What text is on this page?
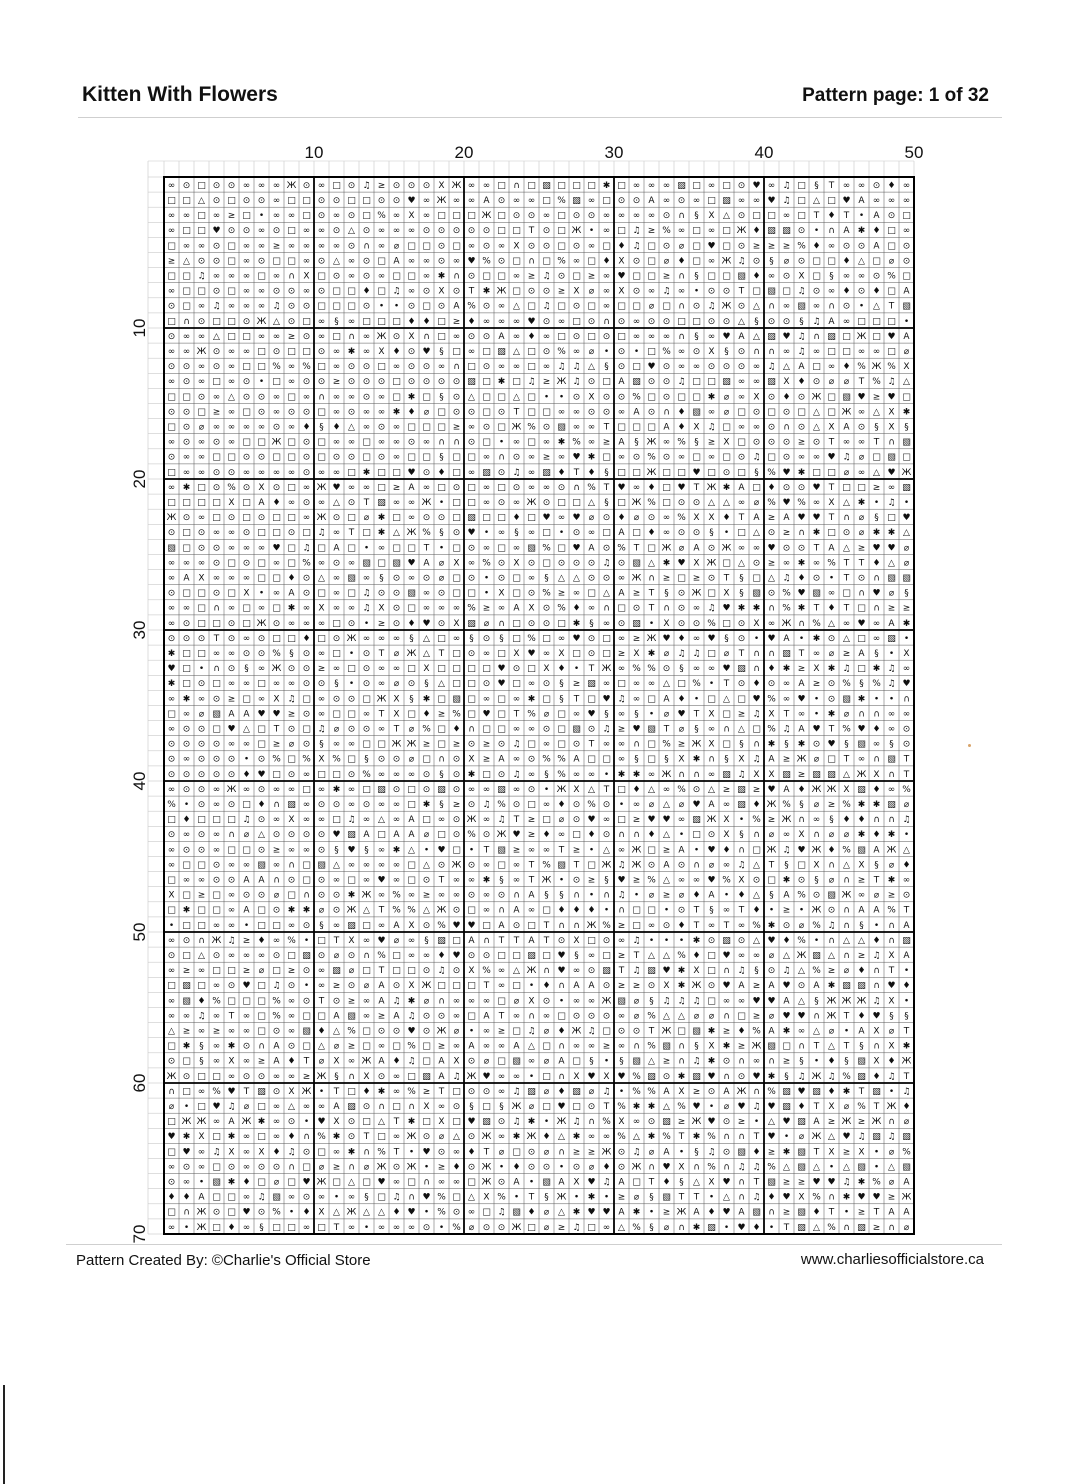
Kitten With Flowers	Pattern page: 1 of 32
∞ ⊙ □ ⊙ ⊙ ∞ ∞ ∞ Ж ⊙ ∞ □ ⊙ ♫ ≥ ⊙ ⊙ ⊙ X Ж ∞ ∞ □ ∩ □ ▧ □ □ □ ✱ □ ∞ ∞ ∞ ▧ □ ∞ □ ⊙ ♥ ∞ ♫ □ § T ∞ ∞ ⊙ ♦ ∞
□ □ △ ⊙ □ ⊙ ⊙ ∞ □ □ ⊙ ⊙ □ □ ⊙ ⊙ ♥ ∞ Ж ∞ ∞ A ⊙ ∞ ∞ □ % ▧ ∞ □ ⊙ ⊙ A ∞ ⊙ ∞ □ ▧ ∞ ∞ ♥ ♫ □ △ □ ♥ A ∞ ∞ ∞
∞ ∞ □ ∞ ≥ □ • ∞ ∞ □ ⊙ ∞ ⊙ □ % ∞ X ∞ □ □ □ Ж □ ⊙ ⊙ ∞ □ ⊙ ⊙ ∞ ∞ ∞ ∞ ⊙ ∩ § X △ ⊙ □ □ ∞ □ T ♦ T • A ⊙ □
∞ □ □ ♥ ⊙ ⊙ ∞ ⊙ □ ∞ ∞ ⊙ △ ⊙ ∞ ∞ ∞ ⊙ ⊙ ⊙ ⊙ ⊙ □ □ T ⊙ □ Ж • ∞ □ ♫ ≥ % ∞ □ ∞ □ Ж ♦ ▧ ▧ ⊙ • ∩ A ✱ ♦ □ ∞
□ ∞ ∞ ⊙ □ ∞ ∞ ≥ ∞ ∞ ∞ ∞ ⊙ ∩ ∞ ⌀ □ □ ⊙ □ ∞ ⊙ ∞ X ⊙ ⊙ □ ⊙ ∞ □ ♦ ♫ □ ⊙ ⌀ □ ♥ □ ⊙ ≥ ≥ ≥ % ♦ ∞ ⊙ ⊙ A □ ⊙
≥ △ ⊙ ⊙ □ ∞ ⊙ □ □ ∞ ⊙ △ ∞ ⊙ □ A ∞ ∞ ⊙ ∞ ♥ % ⊙ □ ∩ □ % ∞ □ ♦ X ⊙ □ ⌀ ♦ □ ∞ Ж ♫ ⊙ § ⌀ ⊙ □ □ ♦ △ □ ⌀ ⊙
□ □ ♫ ∞ ∞ ∞ □ ∞ ∩ X □ ⊙ ∞ ⊙ ∞ □ □ ∞ ✱ ∩ ⊙ □ □ ∞ ≥ ♫ ⊙ □ ≥ ∞ ♥ □ □ ≥ ∩ § □ □ ▧ ♦ ∞ ⊙ X □ § ∞ ∞ ⊙ % □
∞ □ □ ⊙ □ ∞ ∞ ⊙ ⊙ ∞ ⊙ □ □ ♦ □ ♫ ∞ ⊙ X ⊙ T ✱ Ж □ ⊙ ⊙ ≥ X ⌀ ∞ X ⊙ ∞ ♫ ∞ • ⊙ ⊙ T □ ▧ □ ♫ ⊙ ∞ ♦ ⊙ ♦ □ A
⊙ □ ∞ ♫ ∞ ∞ ∞ ♫ ⊙ ⊙ □ □ □ ⊙ • • ⊙ □ ⊙ A % ⊙ ∞ △ □ ♫ □ ⊙ □ ∞ □ □ ⌀ □ ∩ ⊙ ♫ Ж ⊙ △ ∩ ∞ ▧ ∞ ∩ ⊙ • △ T ▧
□ ∩ ⊙ □ □ ⊙ Ж △ ⊙ □ ∞ § ∞ □ □ □ ♦ ♦ □ ≥ ♦ ∞ ∞ ∞ ♥ ⊙ ∞ □ ⊙ ∩ ⊙ ∞ ⊙ ⊙ □ □ ⊙ ⊙ △ § ⊙ ⊙ § ♫ A ∞ □ □ □ •
⊙ ∞ ∞ △ □ □ ∞ ∞ ≥ ⊙ ∞ □ ∩ ∞ Ж ⊙ X ∩ □ ∞ ⊙ ⊙ A ∞ ♦ ∞ □ ⊙ □ ⊙ □ ∞ ∞ ∞ ∩ § ∞ ♥ A △ ▧ ♥ ♫ ∩ ▧ □ Ж □ ♥ A
∞ ∞ Ж ⊙ ∞ ∞ □ ⊙ □ □ ⊙ ∞ ✱ ∞ X ♦ ⊙ ♥ § □ ∞ □ ▧ △ □ ⊙ % ∞ ⌀ • ⊙ • □ % ∞ ⊙ X § ⊙ ∩ ∩ ∞ ♫ ∞ □ □ ∞ ∞ □ ⌀
⊙ ⊙ ∞ ⊙ ∞ □ □ % ∞ % □ ∞ ⊙ ⊙ □ ∞ ⊙ ⊙ ∞ ∩ □ ⊙ ∞ ∞ □ ∞ ♫ ♫ △ § ⊙ □ ♥ ⊙ ∞ ∞ ⊙ ⊙ ⊙ ∞ ♫ △ A □ ∞ ♦ % Ж % X
∞ ⊙ ∞ □ ∞ ⊙ • □ ∞ ⊙ ⊙ ≥ ⊙ ⊙ ⊙ □ ⊙ ⊙ ⊙ ⊙ ▧ □ ✱ □ ♫ ≥ Ж ♫ ⊙ □ A ▧ ⊙ ⊙ ♫ □ □ ▧ ∞ ∞ ▧ X ♦ ⊙ ⌀ ⌀ T % ♫ △
□ □ ⊙ ∞ △ ⊙ ⊙ ∞ □ ∞ ∩ ∞ ∞ ⊙ ∞ □ ✱ □ § ⊙ △ □ □ △ □ • • ⊙ X ⊙ ⊙ % □ ⊙ □ □ ✱ ⌀ ∞ X ⊙ ♦ ⊙ Ж □ ▧ ♥ ≥ ♥ □
⊙ ⊙ □ ≥ ∞ □ ⊙ ∞ ⊙ ⊙ □ ∞ ⊙ ∞ ∞ ✱ ♦ ⌀ □ ⊙ ⊙ □ ⊙ T □ □ ∞ ∞ ⊙ ⊙ ∞ A ⊙ ∩ ♦ ▧ ∞ ⌀ □ ⊙ □ ⊙ □ △ □ Ж ∞ △ X ✱
□ ⊙ ⌀ ∞ ∞ ∞ ∞ ⊙ ∞ ♦ § ♦ △ ∞ ⊙ ∞ □ □ □ ≥ ∞ ⊙ □ Ж % ⊙ ▧ ∞ ∞ T □ □ □ A ♦ X ♫ □ ∞ ∞ ⊙ ∩ ⊙ △ X A ⊙ § X §
∞ ⊙ ∞ ⊙ ∞ □ □ Ж □ ⊙ □ ∞ ∞ □ ∞ ∞ ⊙ ∞ ∩ ∩ ⊙ □ • ∞ □ ∞ ✱ % ∞ ≥ A § Ж ∞ % § ≥ X □ ⊙ ⊙ ⊙ ≥ ⊙ T ∞ ∞ T ∩ ▧
⊙ ∞ ∞ □ □ ⊙ ⊙ □ □ ⊙ □ ⊙ ⊙ □ ⊙ ∞ □ □ § □ □ ∞ ∩ ⊙ ∞ ≥ ∞ ♥ ✱ □ ∞ ⊙ % ⊙ ∞ □ ∞ □ ⊙ ♫ □ ⊙ ∞ ∞ ♥ ♫ ⌀ □ ▧ □
□ ∞ ∞ ⊙ ⊙ ∞ ∞ ∞ ∞ ⊙ ∞ ∞ □ ✱ □ □ ♥ ⊙ ♦ □ ∞ ▧ ⊙ ♫ ∞ ▧ ♦ T ♦ § □ □ Ж □ □ ♥ □ ⊙ □ § % ♥ ✱ □ □ ⌀ ∞ △ ♥ Ж
∞ ✱ □ ⊙ % ⊙ X ⊙ □ ∞ Ж ♥ ∞ ∞ □ ≥ A ∞ □ ⊙ □ ∞ □ ⊙ ∞ ∞ ⊙ ∩ % T ♥ ∞ ♦ □ ♥ T Ж ✱ A □ ♦ ⊙ ⊙ ♥ T □ □ ≥ ∞ ▧
□ □ □ □ X □ A ♦ ∞ ⊙ ∞ △ ⊙ T ▧ ∞ ∞ Ж • □ □ ∞ ⊙ ∞ Ж ⊙ □ □ △ § □ Ж % □ ⊙ ⊙ △ △ ∞ ⌀ % ♥ % ∞ X △ ✱ • ♫ •
Ж ⊙ ∞ □ ⊙ □ ⊙ □ □ ∞ Ж ⊙ □ ⌀ ✱ □ ∞ ⊙ ⊙ □ ▧ □ □ ♦ □ ♥ ∞ ♥ ⌀ ⊙ ♦ ⌀ ⊙ ∞ % X X ♦ T A ≥ A ♥ ♥ T ∩ ⌀ § □ ♥
⊙ □ ⊙ ∞ ∞ ⊙ □ □ ⊙ □ ♫ ∞ T □ ✱ △ Ж % § ⊙ ♥ • ∞ § ∞ □ • ⊙ ∞ □ A □ ♦ ∞ ⊙ ⊙ § • □ △ ⊙ ≥ ∩ ✱ □ ⊙ ⌀ ✱ ✱ △
▧ □ ⊙ ⊙ ∞ ∞ ∞ ♥ □ ♫ □ A □ • ∞ □ □ T • □ ⊙ ∞ □ ∞ ▧ % □ ♥ A ⊙ % T □ Ж ⌀ A ⊙ Ж ∞ ∞ ♥ ⊙ ⊙ T A △ ≥ ♥ ♥ ⌀
∞ ∞ ∞ ⊙ □ ⊙ □ ∞ □ % ∞ ⊙ ∞ ▧ □ ▧ ♥ A ⌀ X ∞ % ⊙ X ⊙ □ ⊙ ⊙ ⊙ ♫ ⊙ ▧ △ ✱ ♥ X Ж □ △ ⊙ ≥ ∞ ✱ ∞ % T T ♦ △ ⌀
∞ A X ∞ ∞ ∞ □ □ ♦ ⊙ △ ∞ ▧ ∞ § ⊙ ∞ ⊙ ⌀ □ ⊙ • ⊙ □ ∞ § △ △ ⊙ ⊙ ∞ Ж ∩ ≥ □ ≥ ⊙ T § □ △ ♫ ♦ ⊙ • T ⊙ ∩ ▧ ▧
⊙ □ □ ⊙ □ X • ∞ A ⊙ □ ∞ □ ♫ ⊙ ⊙ ▧ ∞ ⊙ □ □ • X □ ⊙ % ≥ ∞ □ △ A ≥ T § ⊙ Ж □ X § ▧ ⊙ % ♥ ▧ ∞ □ ∩ ♥ ⌀ §
∞ ∞ □ ∩ ∞ □ ∞ □ ✱ ∞ X ∞ ∞ ♫ X ⊙ □ ∞ ∞ ∞ % ≥ ∞ A X ⊙ % ♦ ∞ ∩ □ ⊙ T ∩ ⊙ ∞ ♫ ♥ ✱ ✱ ∩ % ✱ T ♦ T □ ∩ ≥ ≥
∞ ⊙ □ □ ⊙ □ Ж ⊙ ∞ ∞ ∞ □ ⊙ • ≥ ⊙ ♦ ♥ ⊙ X ▧ ⌀ ∩ □ ⊙ ⊙ □ ✱ § ∞ ⊙ ▧ • X ⊙ ⊙ % □ ⊙ X ∞ Ж ∩ % △ ∞ ♥ ∞ A ✱
⊙ ⊙ ⊙ T ⊙ ∞ ⊙ □ □ ♦ □ ⊙ Ж ∞ ∞ ∞ § △ □ ∞ § ⊙ § □ % □ ∞ ♥ ⊙ □ ∞ ≥ Ж ♥ ♦ ∞ ♥ § ⊙ • ♥ A • ✱ ⊙ △ □ ∞ ▧ •
✱ □ □ ∞ ∞ ⊙ ⊙ % § ⊙ ∞ □ • ⊙ T ⌀ Ж △ T □ ⊙ ∞ □ X ♥ ∞ X □ ⊙ □ ≥ X ✱ ⌀ ♫ ♫ □ ⌀ T ∩ ∩ ▧ T ∞ ⌀ ≥ A § • X
♥ □ • ∩ ⊙ § ∞ Ж ⊙ ⊙ ≥ ∞ □ ⊙ ∞ ∞ □ X □ □ □ □ ♥ ⊙ □ X ♦ • T Ж ∞ % % ⊙ § ∞ ∞ ♥ ▧ ∩ ♦ ✱ ≥ X ✱ ♫ □ ✱ ♫ ∞
✱ □ ⊙ □ ∞ ∞ □ ∞ ∞ ⊙ ⊙ § • ⊙ ∞ ⌀ ⊙ § △ □ □ ⊙ ♥ □ ∞ ⊙ § ≥ ▧ ∞ □ ∞ ∞ △ □ % • T ⊙ ♦ ⊙ ∞ A ≥ ⊙ % § % ♫ ♥
∞ ✱ ∞ ⊙ ≥ □ ∞ X ♫ □ ∞ ⊙ ⊙ □ Ж X § ✱ □ ▧ □ ∞ □ ∞ ✱ □ § T □ ♥ ♫ ∞ □ A ♦ • □ △ □ ♥ % ∞ ♥ • ⊙ ▧ ✱ • • ∩
□ ∞ ⌀ ▧ A A ♥ ♥ ≥ ⊙ ∞ □ □ ∞ T X □ ♦ ≥ % □ ♥ □ T % ⌀ □ ∞ ♥ § ∞ § • ⌀ ♥ T X □ ≥ ♫ X T ∞ • ✱ ⌀ ∩ ∩ ∞ ∞
∞ ⊙ ⊙ □ ♥ △ □ T ⊙ □ ♫ ⌀ ⊙ ⊙ ∞ T ⌀ % □ ♦ ∩ □ □ ∞ ∞ ⊙ □ ▧ ⊙ ♫ ≥ ♥ ▧ T ⌀ § ∞ ∩ △ □ % ♫ A ♥ T % ♥ ♦ ∞ ⊙
⊙ ⊙ ⊙ ⊙ ∞ ∞ □ ≥ ⌀ ⊙ § ∞ ∞ □ □ Ж Ж ≥ □ ≥ ⊙ ≥ ⊙ ♫ □ ∞ □ ⊙ T ∞ ∞ ∩ □ % ≥ Ж X □ § ∩ ✱ § ✱ ⊙ ♥ § ▧ ∞ § ⊙
⊙ ∞ ⊙ ⊙ ⊙ • ⊙ % □ % X % □ § ⊙ ⊙ ⌀ □ ∩ ⊙ X ≥ A ∞ ⊙ % % A □ □ ∞ § □ § X ✱ ∩ § X ♫ A ≥ Ж ⌀ □ T ∞ ∩ ▧ T
⊙ ⊙ ⊙ ⊙ ⊙ ♦ ♥ □ ⊙ ∞ □ □ ⊙ % ∞ ∞ ∞ ⊙ § ⊙ ✱ □ ⊙ ♫ ∞ § % ∞ ∞ • ✱ ✱ ∞ Ж ∩ ∩ ∞ ▧ ♫ X X ▧ ≥ ▧ ▧ △ Ж X ∩ T
∞ ⊙ ⊙ ∞ Ж ∞ ⊙ ∞ ∞ □ ∞ ✱ ∞ □ ▧ ⊙ □ ⊙ ▧ ⊙ ∞ ∞ ▧ ∞ ⊙ • Ж X △ T □ ♦ △ ∞ % ⊙ △ ≥ ▧ ≥ ♥ A ♦ Ж Ж X ▧ ♦ ∞ %
% • ⊙ ∞ ⊙ □ ♦ ∩ ▧ ∞ ⊙ ⊙ ∞ ⊙ ∞ ∞ □ ✱ § ≥ ⊙ ♫ % ⊙ □ ∞ ♦ ⊙ % ⊙ • ∞ ⌀ △ ⌀ ♥ A ∞ ▧ ♦ Ж % § ⌀ ≥ % ✱ ✱ ▧ ⌀
□ ♦ □ □ □ ♫ ⊙ ∞ X ∞ ∞ □ ♫ ∞ △ ∞ A □ ∞ ⊙ Ж ∞ ♫ T ≥ □ ⌀ ⊙ ♥ ∞ □ ≥ ♥ ♥ ∞ ▧ Ж X • % ≥ Ж ∩ ∞ § ♦ ♦ ∩ ∩ ♫
⊙ ∞ ⊙ ∞ ∩ ⌀ △ ⊙ ⊙ ⊙ ⊙ ♥ ▧ A □ A A ⌀ □ ⊙ % ⊙ Ж ♥ ≥ ♦ ∞ □ ♦ ⊙ ∩ ∩ ♦ △ • □ ⊙ X § ∩ ⌀ ∞ X ∩ ⌀ ⌀ ✱ ♦ ✱ •
∞ ⊙ ⊙ ∞ □ □ ⊙ ≥ ∞ ∞ ⊙ § ♥ § ∞ ✱ △ • ♥ □ • T ▧ ≥ ∞ ∞ T ≥ • △ ∞ Ж □ ≥ A • ♥ ♦ ∩ □ Ж ♫ ♥ Ж ♦ % ▧ A Ж △
∞ □ □ ⊙ ∞ ∞ ▧ ∞ ∩ □ ▧ △ ∞ ∞ ∞ ∞ □ △ ⊙ Ж ⊙ ∞ □ ∞ T % ▧ T □ Ж ♫ Ж ⊙ A ⊙ ∩ ⌀ ∞ ♫ △ T § □ X ∩ △ X § ⌀ ♦
□ ∞ ∞ ⊙ ⊙ A A ∩ ⊙ □ ⊙ ∞ □ ∞ ♥ ∞ □ ⊙ T ∞ ∞ ✱ § ∞ T Ж • ⊙ ≥ § ♥ ≥ % △ ∞ ∞ ♥ % X ⊙ □ ✱ ⊙ § ⌀ ∩ ≥ T ✱ ∞
X □ ≥ □ ∞ ⊙ ⊙ ⌀ □ ∩ ⊙ ⊙ ✱ Ж ∞ % ∞ ≥ ∞ ∞ ⊙ ∞ ⊙ ∩ A § § ∩ • ∩ ♫ • ⌀ ≥ ⌀ ♦ A • ♦ △ § A % ⊙ ▧ Ж ∞ ⌀ ≥ ⊙
□ ✱ □ □ ∞ A □ ⊙ ✱ ✱ ⌀ ⊙ Ж △ T % % △ Ж ⊙ □ ∞ ∩ A ∞ □ ♦ ♦ ♦ • ∩ □ □ • ⊙ T § ∞ T ♦ • ≥ • Ж ⊙ ∩ A A % T
• □ □ ∞ ∞ • □ □ ∞ ⊙ § ∞ ▧ □ ∞ A X ⊙ % ♥ ♥ □ A ⊙ □ T ∩ ∩ Ж % ≥ □ ∞ ⊙ ♦ T ∞ T ∞ % ✱ ⊙ ⌀ % ♫ ∩ § • ∩ A
∞ ⊙ ∩ Ж ♫ ≥ ♦ ∞ % • □ T X ∞ ♥ ⌀ ∞ § ▧ □ A ∩ T T A T ⊙ X □ ⊙ ∞ ♫ • • • ✱ ⊙ ▧ ⊙ △ ♥ ♦ % • ∩ △ △ ♦ ∩ ▧
⊙ □ △ ⊙ ∞ ∞ ∞ ⊙ □ ▧ ⊙ ⌀ ⊙ ∩ % □ ∞ ∞ ♦ ♥ ⊙ ⊙ □ □ ▧ □ ♥ § ∞ □ ≥ T △ △ % ♦ □ ♥ ∞ ∞ ⌀ △ Ж ▧ △ ∩ ≥ ♫ X A
∞ ≥ ∞ □ □ ≥ ⌀ □ ≥ ⊙ ∞ ▧ ⌀ □ T □ □ ⊙ ♫ ⊙ X % ∞ △ Ж ∩ ♥ ∞ ⊙ ▧ T ♫ ▧ ♥ ✱ X □ ∩ ♫ § ⊙ ♫ △ % ≥ ⌀ ♦ ∩ T •
□ ▧ □ ∞ ⊙ ♥ □ ♫ ⊙ • ∞ ≥ ⊙ ⌀ A ⊙ X Ж □ □ □ T ∞ □ • ♦ ∩ A A ⊙ ≥ ≥ ⊙ X ✱ Ж ⊙ ♥ A ≥ A ♥ ⊙ A ✱ ▧ ▧ ∩ ♥ ♦
∞ ▧ ♦ % □ □ □ % ∞ ⊙ T ⊙ ≥ ∞ A ♫ ✱ ⌀ ∩ ∞ ∞ ∞ □ ⌀ X ⊙ • ∞ ∞ Ж ▧ ⌀ § ♫ ♫ ♫ □ ∞ ∞ ♥ ♥ A △ § Ж Ж Ж ♫ X •
∞ ∞ ♫ ∞ T ∞ □ % ∞ □ □ A ▧ ∞ ≥ A ♫ ⊙ ⊙ ∞ □ A T ∞ ∩ ∞ □ ⊙ ⊙ ⊙ ∞ ⌀ % △ △ ⌀ ⌀ ∩ □ ≥ ⌀ ♥ ♥ ∩ Ж T ♦ ♥ § §
△ ≥ ∞ ≥ ∞ ∞ □ ⊙ ∞ ▧ ♦ △ % □ ⊙ ⊙ ♥ ⊙ Ж ⌀ • ∞ ≥ □ ♫ ⌀ ♦ Ж ♫ □ ⊙ ⊙ T Ж □ ▧ ✱ ≥ ♦ % A ✱ ∞ △ ⌀ • A X ⌀ T
□ ✱ § ∞ ✱ ⊙ ∩ A ⊙ □ △ ⌀ ≥ □ ∞ □ % □ ≥ ∞ A ∞ ∞ A △ □ ∩ ∞ ∞ ≥ ∞ ∩ % ▧ ∩ § X ✱ ≥ Ж ▧ □ ∩ T △ T § ∩ X ✱
⊙ □ § ∞ X ∞ ≥ A ♦ T ⌀ X ∞ Ж A ♦ ♫ □ A X ⊙ ⌀ □ ▧ ∞ ⌀ A □ § • § ▧ △ ≥ ∩ ♫ ✱ ⊙ ∩ ∞ ∩ ≥ § • ♦ § ▧ X ♦ Ж
Ж ⊙ □ □ ∞ ⊙ ⊙ ∞ ∞ ≥ Ж § ∩ X ⊙ ∞ □ ▧ A ♫ Ж ♥ ∞ ∞ • □ ∩ X ♥ X ♥ % ▧ ⊙ ✱ ▧ ♥ ∩ ⊙ ♥ ✱ § ♫ Ж ♫ % ▧ ♦ ♫ T
∩ □ ∞ % ♥ T ▧ ⊙ X Ж • T □ ♦ ✱ ∞ % ≥ T □ ⊙ ⊙ ∞ ♫ ▧ ⌀ ♦ ▧ ⌀ ♫ • % % A X ≥ ⊙ A Ж ∩ % ▧ ♥ ▧ ♦ ✱ T ▧ • ♫
⌀ • □ ♥ ♫ ⌀ □ ∞ △ ∞ ∞ A ▧ ⊙ ∩ □ ∩ X ∞ ⊙ § □ § Ж ⌀ □ ♥ □ ⊙ T % ✱ ✱ △ % ♥ • ⌀ ♥ ♫ ♥ ▧ ♦ T X ⌀ % T Ж ♦
□ Ж Ж ∞ A Ж ✱ ∞ ⊙ • ♥ X ⊙ □ △ T ✱ □ X □ ♥ ▧ ⊙ ♫ ✱ • Ж ♫ ∩ % X ∞ ⊙ ▧ ≥ Ж ♥ ⊙ ≥ • △ ♥ ▧ A ≥ Ж ≥ Ж ∩ ⌀
♥ ✱ X □ ✱ ∞ □ ∞ ♦ ∩ % ✱ ⊙ T □ ∞ Ж ⊙ ⌀ △ ⊙ Ж ∞ ✱ Ж ♦ △ ✱ ∞ ∞ % △ ✱ % T ✱ % ∩ ∩ T ♥ • ⌀ Ж △ ♥ ♫ ▧ ♫ ▧
□ ♥ ∞ ♫ X ∞ X ♦ ♫ ⊙ □ ∞ ✱ ∩ % T • ♥ ⊙ ∞ ♦ T ⌀ □ ⊙ ⌀ ∩ ≥ ≥ Ж ⊙ ♫ ⌀ A • § ♫ ⊙ ▧ ♦ ≥ ✱ ▧ T X ≥ X • ⌀ %
∞ ⊙ ∞ □ ⊙ ∞ ⊙ ⊙ ∩ □ ⌀ ≥ ∩ ⌀ Ж ⊙ Ж • ≥ ♦ ⊙ Ж • ♦ ⊙ ⊙ • ⊙ ⌀ ♦ ⊙ Ж ∩ ♥ X ∩ % ∩ ♫ ♫ % △ ▧ △ • △ ▧ • △ ▧
⊙ ∞ • ▧ ✱ ♦ □ ⌀ □ ♥ Ж □ △ □ ♥ ∞ □ ∩ ∞ ∞ □ Ж ⊙ A • ▧ A X ♥ ♫ A □ T ♦ § △ X ♥ ∩ T ▧ ≥ ≥ ♥ ♥ ♫ ✱ % ⌀ A
♦ ♦ A □ □ ∞ ♫ ▧ ∞ ⊙ ∞ • ∞ § □ ♫ ∩ ♥ % □ △ X % • T § Ж • ✱ • ≥ ⌀ § ▧ T T • △ ∩ ♫ ♦ ♥ X % ∩ ✱ ♥ ♥ ≥ Ж
□ ∩ Ж ⊙ □ ♥ ⊙ % • ♦ X △ Ж △ △ ♦ ♥ • % ⊙ ∞ □ ♫ ▧ ♦ ⌀ △ ✱ ♥ ♥ A ✱ • ≥ Ж A ♦ ♥ A ▧ ∩ ≥ ▧ ♦ T • ≥ T A A
∞ • Ж □ ♦ ∞ § □ □ ∞ □ T ∞ • ∞ ∞ ∞ ⊙ • % ⌀ ⊙ ⊙ Ж □ ⌀ ≥ ♫ □ ∞ △ % § ⌀ ∩ ✱ ▧ • ♥ ♦ • T ▧ △ % ∩ ▧ ≥ ∩ ⌀
10	20	30	40	50
10
20
30
40
50
60
70
Pattern Created By: ©Charlie's Official Store	www.charliesofficialstore.ca
